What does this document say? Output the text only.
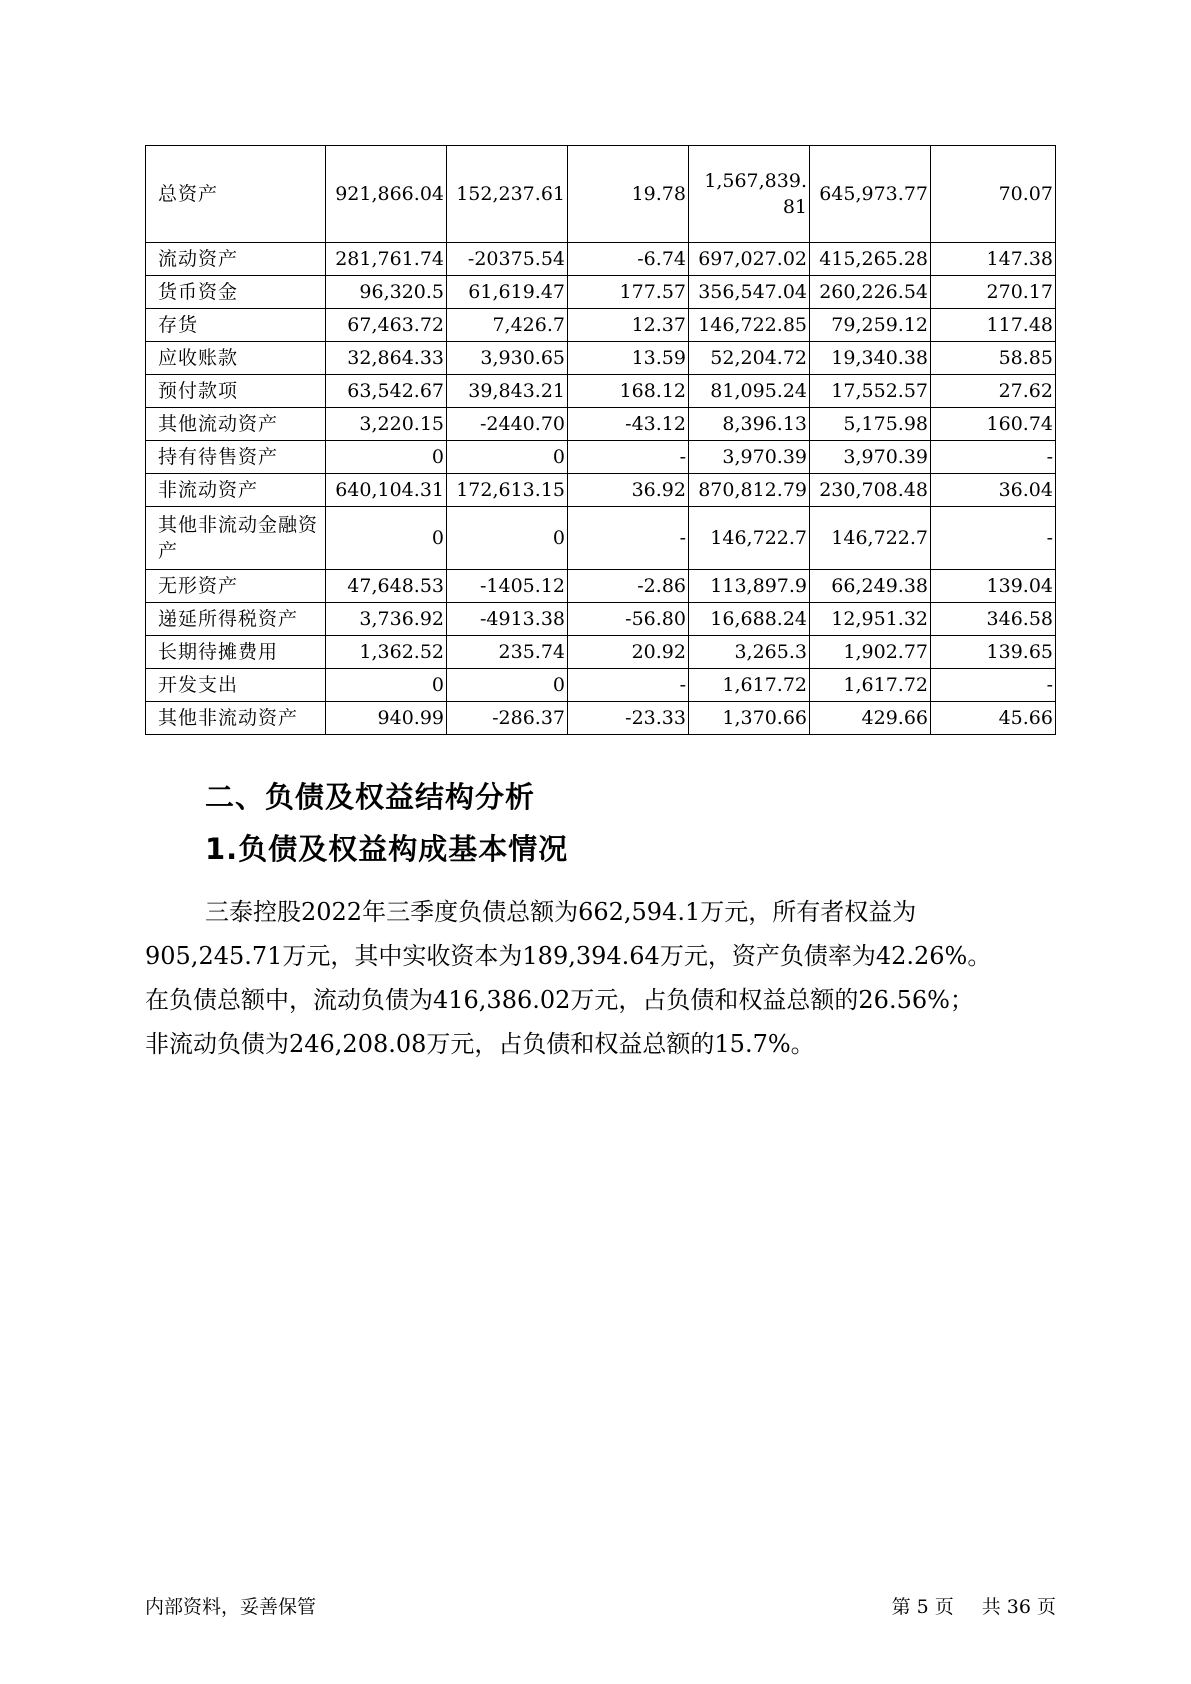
总资产	921,866.04	152,237.61	19.78	1,567,839.81	645,973.77	70.07
流动资产	281,761.74	-20375.54	-6.74	697,027.02	415,265.28	147.38
货币资金	96,320.5	61,619.47	177.57	356,547.04	260,226.54	270.17
存货	67,463.72	7,426.7	12.37	146,722.85	79,259.12	117.48
应收账款	32,864.33	3,930.65	13.59	52,204.72	19,340.38	58.85
预付款项	63,542.67	39,843.21	168.12	81,095.24	17,552.57	27.62
其他流动资产	3,220.15	-2440.70	-43.12	8,396.13	5,175.98	160.74
持有待售资产	0	0	-	3,970.39	3,970.39	-
非流动资产	640,104.31	172,613.15	36.92	870,812.79	230,708.48	36.04
其他非流动金融资产	0	0	-	146,722.7	146,722.7	-
无形资产	47,648.53	-1405.12	-2.86	113,897.9	66,249.38	139.04
递延所得税资产	3,736.92	-4913.38	-56.80	16,688.24	12,951.32	346.58
长期待摊费用	1,362.52	235.74	20.92	3,265.3	1,902.77	139.65
开发支出	0	0	-	1,617.72	1,617.72	-
其他非流动资产	940.99	-286.37	-23.33	1,370.66	429.66	45.66
二、负债及权益结构分析
1.负债及权益构成基本情况

三泰控股2022年三季度负债总额为662,594.1万元，所有者权益为

905,245.71万元，其中实收资本为189,394.64万元，资产负债率为42.26%。

在负债总额中，流动负债为416,386.02万元，占负债和权益总额的26.56%；

非流动负债为246,208.08万元，占负债和权益总额的15.7%。

内部资料，妥善保管	第 5 页 共 36 页
